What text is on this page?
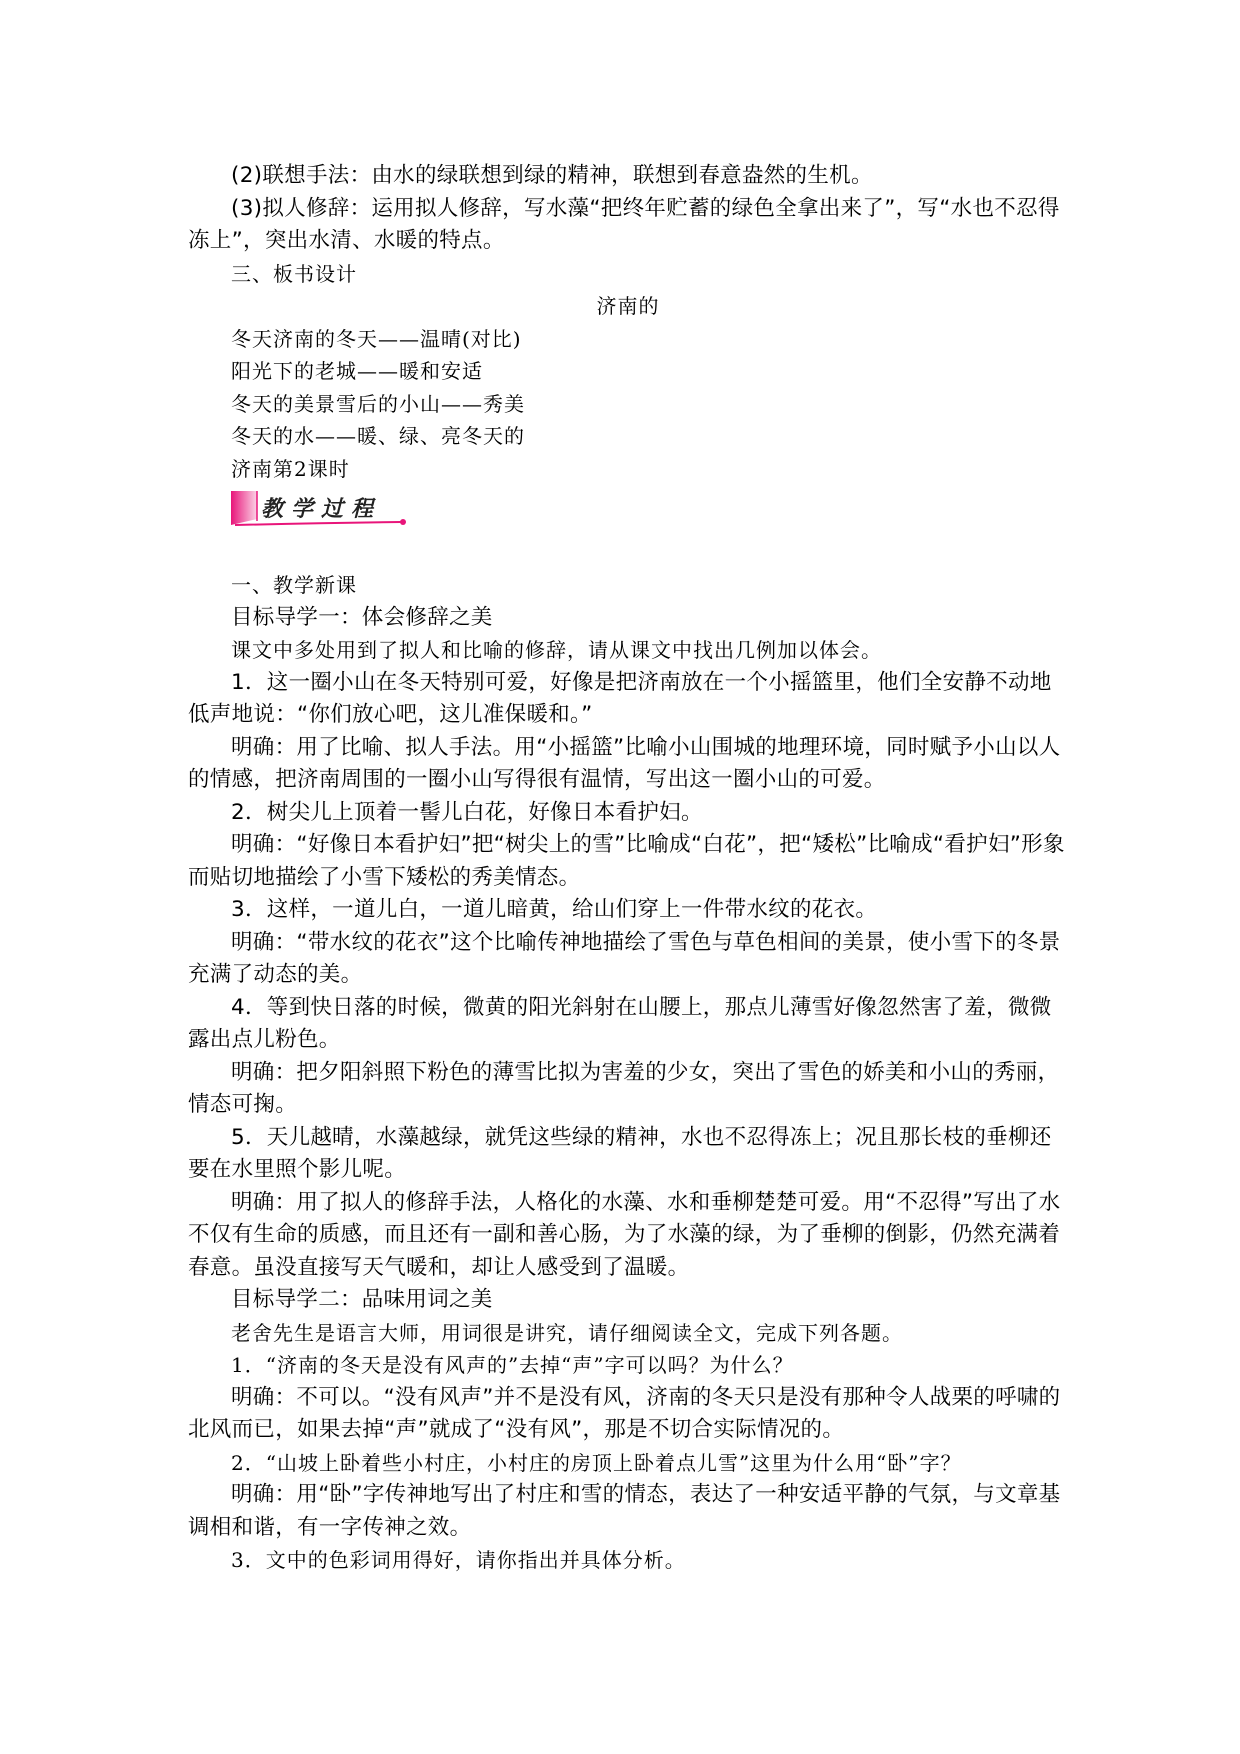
(2)联想手法：由水的绿联想到绿的精神，联想到春意盎然的生机。

(3)拟人修辞：运用拟人修辞，写水藻“把终年贮蓄的绿色全拿出来了”，写“水也不忍得冻上”，突出水清、水暖的特点。

三、板书设计

济南的

冬天济南的冬天——温晴(对比)

阳光下的老城——暖和安适

冬天的美景雪后的小山——秀美

冬天的水——暖、绿、亮冬天的

济南第2课时

教学过程

一、教学新课

目标导学一：体会修辞之美

课文中多处用到了拟人和比喻的修辞，请从课文中找出几例加以体会。

1．这一圈小山在冬天特别可爱，好像是把济南放在一个小摇篮里，他们全安静不动地低声地说：“你们放心吧，这儿准保暖和。”

明确：用了比喻、拟人手法。用“小摇篮”比喻小山围城的地理环境，同时赋予小山以人的情感，把济南周围的一圈小山写得很有温情，写出这一圈小山的可爱。

2．树尖儿上顶着一髻儿白花，好像日本看护妇。

明确：“好像日本看护妇”把“树尖上的雪”比喻成“白花”，把“矮松”比喻成“看护妇”形象而贴切地描绘了小雪下矮松的秀美情态。

3．这样，一道儿白，一道儿暗黄，给山们穿上一件带水纹的花衣。

明确：“带水纹的花衣”这个比喻传神地描绘了雪色与草色相间的美景，使小雪下的冬景充满了动态的美。

4．等到快日落的时候，微黄的阳光斜射在山腰上，那点儿薄雪好像忽然害了羞，微微露出点儿粉色。

明确：把夕阳斜照下粉色的薄雪比拟为害羞的少女，突出了雪色的娇美和小山的秀丽，情态可掬。

5．天儿越晴，水藻越绿，就凭这些绿的精神，水也不忍得冻上；况且那长枝的垂柳还要在水里照个影儿呢。

明确：用了拟人的修辞手法，人格化的水藻、水和垂柳楚楚可爱。用“不忍得”写出了水不仅有生命的质感，而且还有一副和善心肠，为了水藻的绿，为了垂柳的倒影，仍然充满着春意。虽没直接写天气暖和，却让人感受到了温暖。

目标导学二：品味用词之美

老舍先生是语言大师，用词很是讲究，请仔细阅读全文，完成下列各题。

1．“济南的冬天是没有风声的”去掉“声”字可以吗？为什么？

明确：不可以。“没有风声”并不是没有风，济南的冬天只是没有那种令人战栗的呼啸的北风而已，如果去掉“声”就成了“没有风”，那是不切合实际情况的。

2．“山坡上卧着些小村庄，小村庄的房顶上卧着点儿雪”这里为什么用“卧”字？

明确：用“卧”字传神地写出了村庄和雪的情态，表达了一种安适平静的气氛，与文章基调相和谐，有一字传神之效。

3．文中的色彩词用得好，请你指出并具体分析。
